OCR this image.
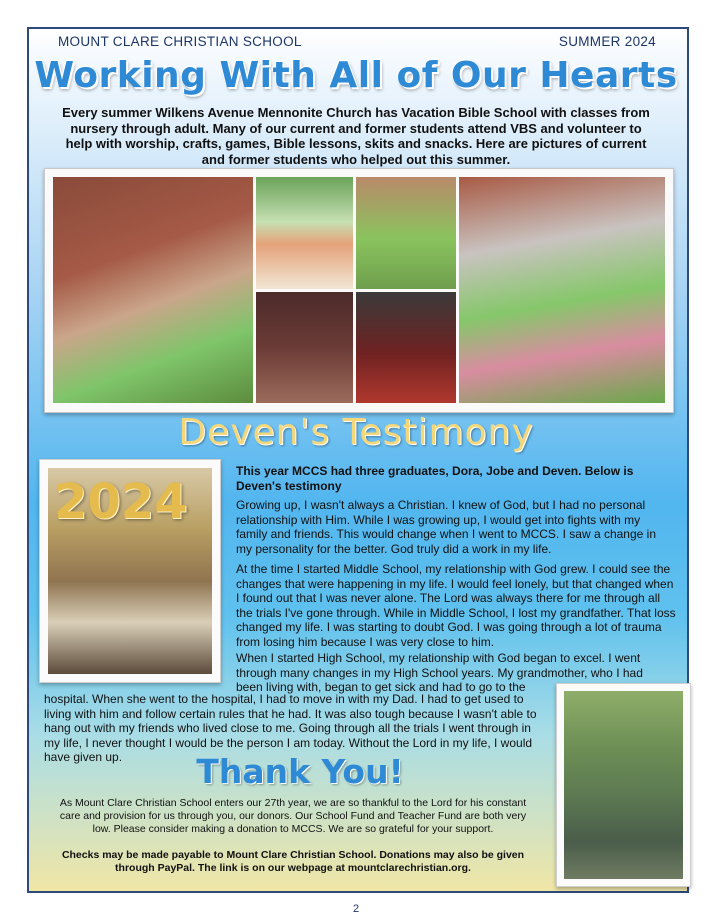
MOUNT CLARE CHRISTIAN SCHOOL	SUMMER 2024
Working With All of Our Hearts
Every summer Wilkens Avenue Mennonite Church has Vacation Bible School with classes from nursery through adult. Many of our current and former students attend VBS and volunteer to help with worship, crafts, games, Bible lessons, skits and snacks. Here are pictures of current and former students who helped out this summer.
Deven's Testimony
2024
This year MCCS had three graduates, Dora, Jobe and Deven. Below is Deven's testimony
Growing up, I wasn't always a Christian. I knew of God, but I had no personal relationship with Him. While I was growing up, I would get into fights with my family and friends. This would change when I went to MCCS. I saw a change in my personality for the better. God truly did a work in my life.
At the time I started Middle School, my relationship with God grew. I could see the changes that were happening in my life. I would feel lonely, but that changed when I found out that I was never alone. The Lord was always there for me through all the trials I've gone through. While in Middle School, I lost my grandfather. That loss changed my life. I was starting to doubt God. I was going through a lot of trauma from losing him because I was very close to him.
When I started High School, my relationship with God began to excel. I went through many changes in my High School years. My grandmother, who I had been living with, began to get sick and had to go to the
hospital. When she went to the hospital, I had to move in with my Dad. I had to get used to living with him and follow certain rules that he had. It was also tough because I wasn't able to hang out with my friends who lived close to me. Going through all the trials I went through in my life, I never thought I would be the person I am today. Without the Lord in my life, I would have given up.	Thank You!
As Mount Clare Christian School enters our 27th year, we are so thankful to the Lord for his constant care and provision for us through you, our donors. Our School Fund and Teacher Fund are both very low. Please consider making a donation to MCCS. We are so grateful for your support.
Checks may be made payable to Mount Clare Christian School. Donations may also be given through PayPal. The link is on our webpage at mountclarechristian.org.
2
